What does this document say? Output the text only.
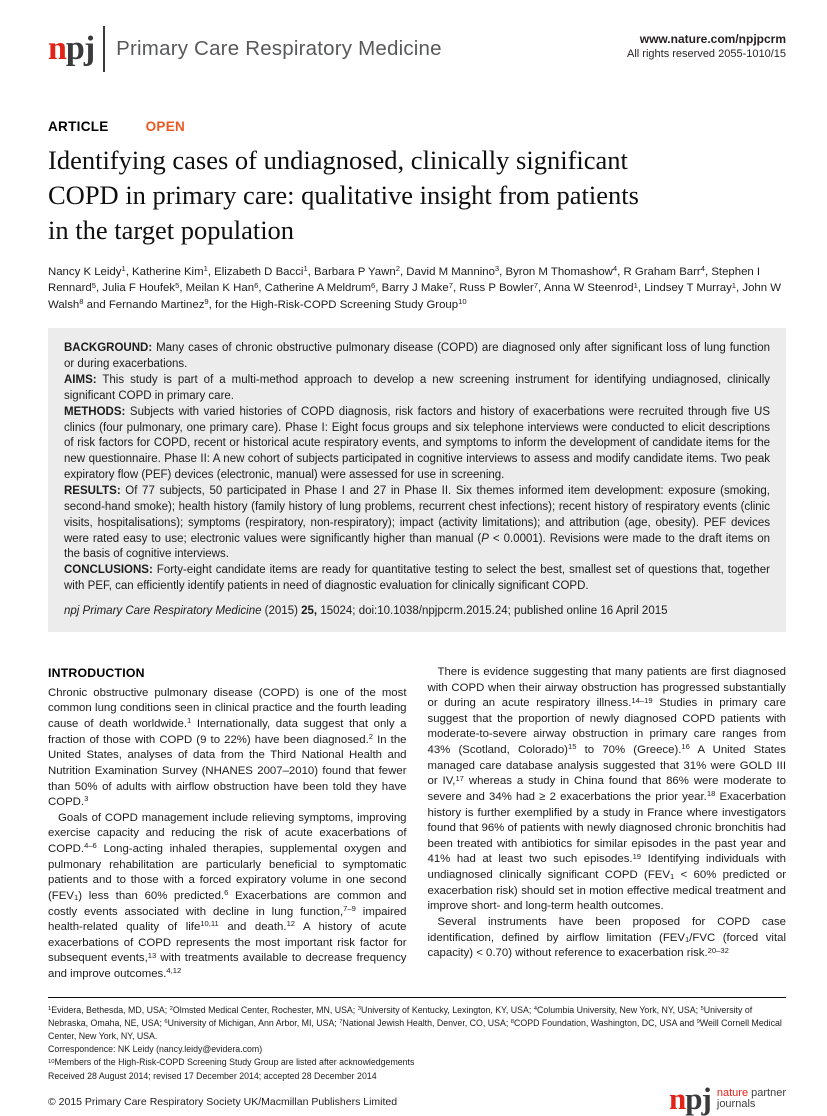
npj Primary Care Respiratory Medicine	www.nature.com/npjpcrm
All rights reserved 2055-1010/15
ARTICLE	OPEN
Identifying cases of undiagnosed, clinically significant
COPD in primary care: qualitative insight from patients
in the target population
Nancy K Leidy$^1$, Katherine Kim$^1$, Elizabeth D Bacci$^1$, Barbara P Yawn$^2$, David M Mannino$^3$, Byron M Thomashow$^4$, R Graham Barr$^4$, Stephen I Rennard$^5$, Julia F Houfek$^5$, Meilan K Han$^6$, Catherine A Meldrum$^6$, Barry J Make$^7$, Russ P Bowler$^7$, Anna W Steenrod$^1$, Lindsey T Murray$^1$, John W Walsh$^8$ and Fernando Martinez$^9$, for the High-Risk-COPD Screening Study Group$^{10}$

BACKGROUND: Many cases of chronic obstructive pulmonary disease (COPD) are diagnosed only after significant loss of lung function or during exacerbations.

AIMS: This study is part of a multi-method approach to develop a new screening instrument for identifying undiagnosed, clinically significant COPD in primary care.

METHODS: Subjects with varied histories of COPD diagnosis, risk factors and history of exacerbations were recruited through five US clinics (four pulmonary, one primary care). Phase I: Eight focus groups and six telephone interviews were conducted to elicit descriptions of risk factors for COPD, recent or historical acute respiratory events, and symptoms to inform the development of candidate items for the new questionnaire. Phase II: A new cohort of subjects participated in cognitive interviews to assess and modify candidate items. Two peak expiratory flow (PEF) devices (electronic, manual) were assessed for use in screening.

RESULTS: Of 77 subjects, 50 participated in Phase I and 27 in Phase II. Six themes informed item development: exposure (smoking, second-hand smoke); health history (family history of lung problems, recurrent chest infections); recent history of respiratory events (clinic visits, hospitalisations); symptoms (respiratory, non-respiratory); impact (activity limitations); and attribution (age, obesity). PEF devices were rated easy to use; electronic values were significantly higher than manual (P < 0.0001). Revisions were made to the draft items on the basis of cognitive interviews.

CONCLUSIONS: Forty-eight candidate items are ready for quantitative testing to select the best, smallest set of questions that, together with PEF, can efficiently identify patients in need of diagnostic evaluation for clinically significant COPD.

npj Primary Care Respiratory Medicine (2015) 25, 15024; doi:10.1038/npjpcrm.2015.24; published online 16 April 2015

INTRODUCTION

Chronic obstructive pulmonary disease (COPD) is one of the most common lung conditions seen in clinical practice and the fourth leading cause of death worldwide.$^1$ Internationally, data suggest that only a fraction of those with COPD (9 to 22%) have been diagnosed.$^2$ In the United States, analyses of data from the Third National Health and Nutrition Examination Survey (NHANES 2007–2010) found that fewer than 50% of adults with airflow obstruction have been told they have COPD.$^3$

Goals of COPD management include relieving symptoms, improving exercise capacity and reducing the risk of acute exacerbations of COPD.$^{4-6}$ Long-acting inhaled therapies, supplemental oxygen and pulmonary rehabilitation are particularly beneficial to symptomatic patients and to those with a forced expiratory volume in one second $(FEV_1)$ less than 60% predicted.$^6$ Exacerbations are common and costly events associated with decline in lung function,$^{7-9}$ impaired health-related quality of life$^{10,11}$ and death.$^{12}$ A history of acute exacerbations of COPD represents the most important risk factor for subsequent events,$^{13}$ with treatments available to decrease frequency and improve outcomes.$^{4,12}$

There is evidence suggesting that many patients are first diagnosed with COPD when their airway obstruction has progressed substantially or during an acute respiratory illness.$^{14-19}$ Studies in primary care suggest that the proportion of newly diagnosed COPD patients with moderate-to-severe airway obstruction in primary care ranges from 43% (Scotland, Colorado)$^{15}$ to 70% (Greece).$^{16}$ A United States managed care database analysis suggested that 31% were GOLD III or IV,$^{17}$ whereas a study in China found that 86% were moderate to severe and 34% had ≥ 2 exacerbations the prior year.$^{18}$ Exacerbation history is further exemplified by a study in France where investigators found that 96% of patients with newly diagnosed chronic bronchitis had been treated with antibiotics for similar episodes in the past year and 41% had at least two such episodes.$^{19}$ Identifying individuals with undiagnosed clinically significant COPD ($FEV_1 < 60\%$ predicted or exacerbation risk) should set in motion effective medical treatment and improve short- and long-term health outcomes.

Several instruments have been proposed for COPD case identification, defined by airflow limitation ($FEV_1$/FVC (forced vital capacity) < 0.70) without reference to exacerbation risk.$^{20-32}$

$^1$Evidera, Bethesda, MD, USA; $^2$Olmsted Medical Center, Rochester, MN, USA; $^3$University of Kentucky, Lexington, KY, USA; $^4$Columbia University, New York, NY, USA; $^5$University of Nebraska, Omaha, NE, USA; $^6$University of Michigan, Ann Arbor, MI, USA; $^7$National Jewish Health, Denver, CO, USA; $^8$COPD Foundation, Washington, DC, USA and $^9$Weill Cornell Medical Center, New York, NY, USA.

Correspondence: NK Leidy (nancy.leidy@evidera.com)

$^{10}$Members of the High-Risk-COPD Screening Study Group are listed after acknowledgements

Received 28 August 2014; revised 17 December 2014; accepted 28 December 2014

© 2015 Primary Care Respiratory Society UK/Macmillan Publishers Limited	npj nature partner
journals
